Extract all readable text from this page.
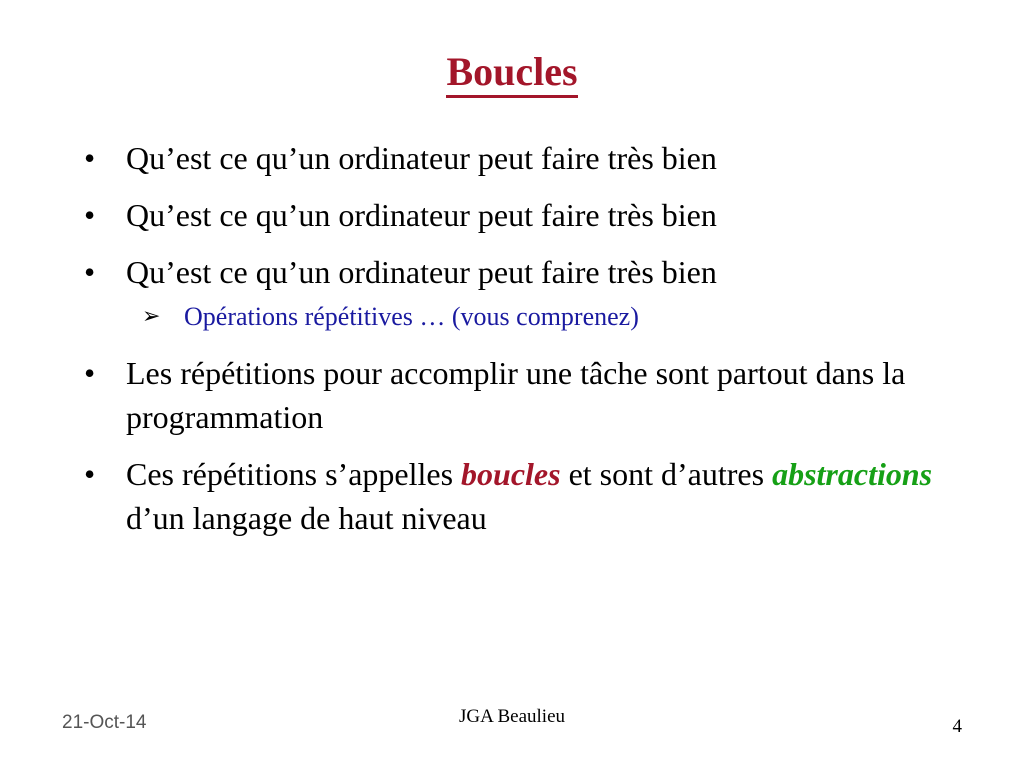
Boucles
• Qu’est ce qu’un ordinateur peut faire très bien
• Qu’est ce qu’un ordinateur peut faire très bien
• Qu’est ce qu’un ordinateur peut faire très bien
➢ Opérations répétitives … (vous comprenez)
• Les répétitions pour accomplir une tâche sont partout dans la programmation
• Ces répétitions s’appelles boucles et sont d’autres abstractions d’un langage de haut niveau
21-Oct-14	JGA Beaulieu	4
